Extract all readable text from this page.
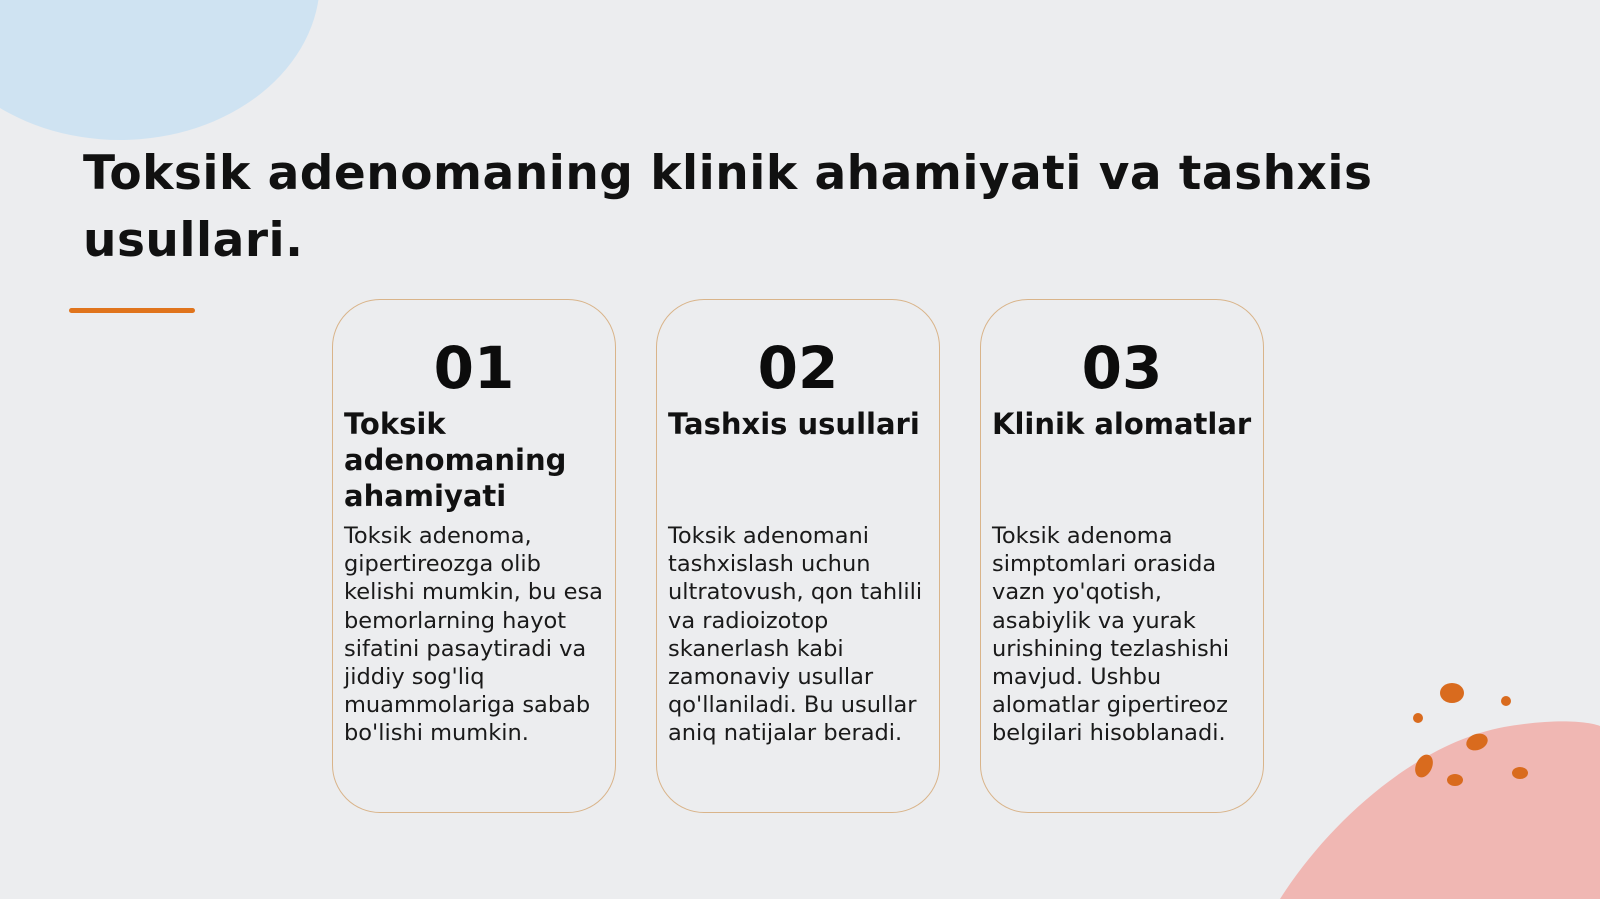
Toksik adenomaning klinik ahamiyati va tashxis usullari.
01
Toksik adenomaning ahamiyati
Toksik adenoma, gipertireozga olib kelishi mumkin, bu esa bemorlarning hayot sifatini pasaytiradi va jiddiy sog'liq muammolariga sabab bo'lishi mumkin.
02
Tashxis usullari
Toksik adenomani tashxislash uchun ultratovush, qon tahlili va radioizotop skanerlash kabi zamonaviy usullar qo'llaniladi. Bu usullar aniq natijalar beradi.
03
Klinik alomatlar
Toksik adenoma simptomlari orasida vazn yo'qotish, asabiylik va yurak urishining tezlashishi mavjud. Ushbu alomatlar gipertireoz belgilari hisoblanadi.
